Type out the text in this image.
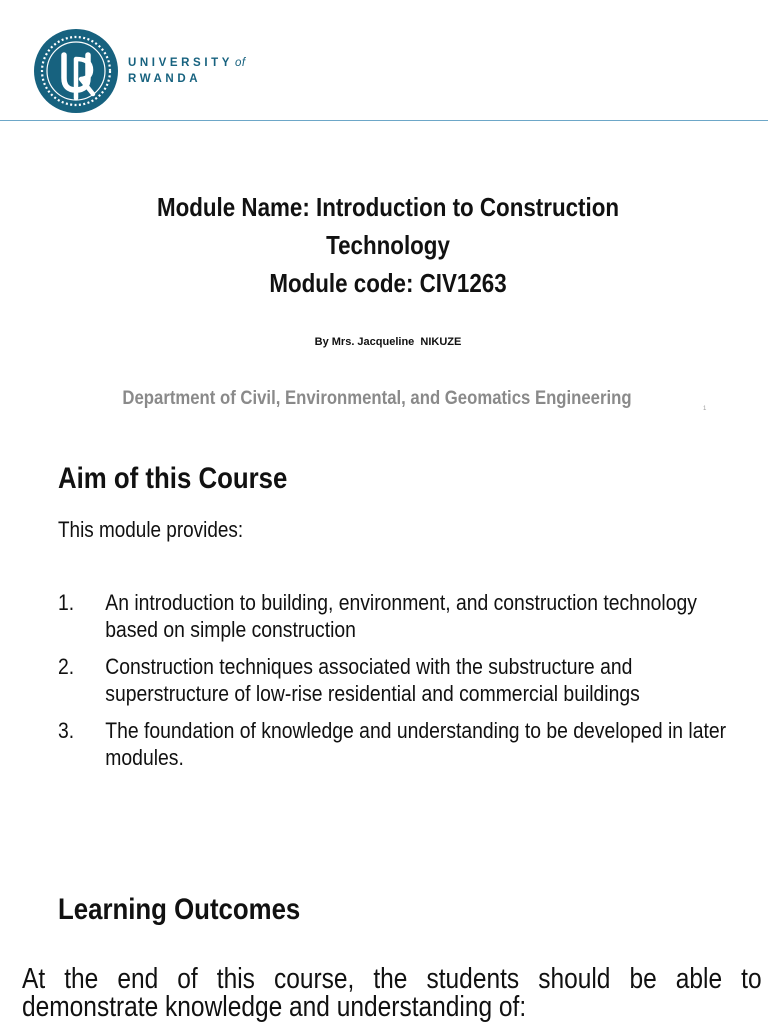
UNIVERSITY of
RWANDA
Module Name: Introduction to Construction
Technology
Module code: CIV1263
By Mrs. Jacqueline  NIKUZE
Department of Civil, Environmental, and Geomatics Engineering	1
Aim of this Course
This module provides:
1. An introduction to building, environment, and construction technology based on simple construction
2. Construction techniques associated with the substructure and superstructure of low-rise residential and commercial buildings
3. The foundation of knowledge and understanding to be developed in later modules.
Learning Outcomes
At the end of this course, the students should be able to demonstrate knowledge and understanding of:
